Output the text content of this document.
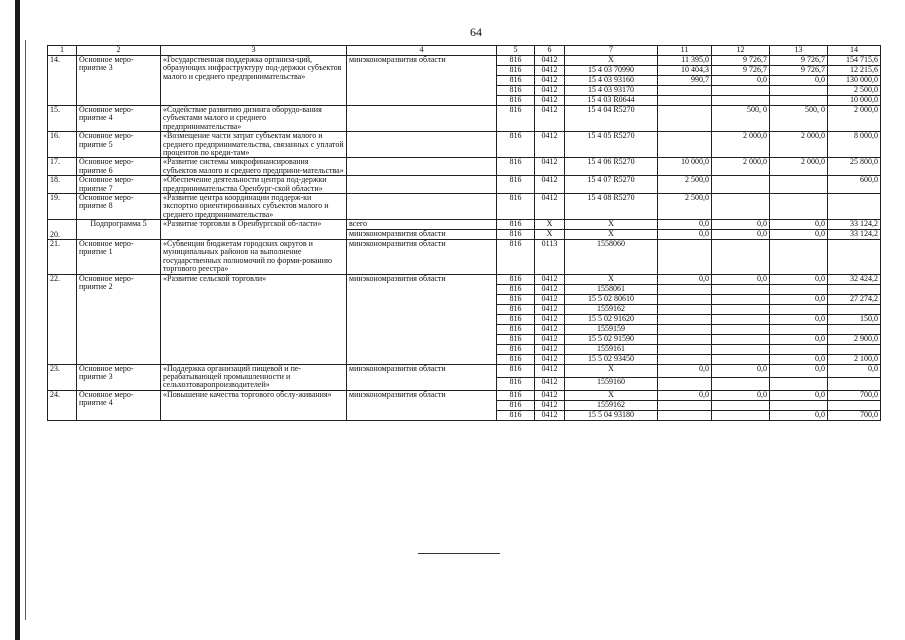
64
1	2	3	4	5	6	7	11	12	13	14
14.	Основное меро-приятие 3	«Государственная поддержка организа-ций, образующих инфраструктуру под-держки субъектов малого и среднего предпринимательства»	минэкономразвития области	816	0412	X	11 395,0	9 726,7	9 726,7	154 715,6
				816	0412	15 4 03 70990	10 404,3	9 726,7	9 726,7	12 215,6
				816	0412	15 4 03 93160	990,7	0,0	0,0	130 000,0
				816	0412	15 4 03 93170				2 500,0
				816	0412	15 4 03 R0644				10 000,0
15.	Основное меро-приятие 4	«Содействие развитию дизинга оборудо-вания субъектами малого и среднего предпринимательства»		816	0412	15 4 04 R5270		500, 0	500, 0	2 000,0
16.	Основное меро-приятие 5	«Возмещение части затрат субъектам малого и среднего предпринимательства, связанных с уплатой процентов по креди-там»		816	0412	15 4 05 R5270		2 000,0	2 000,0	8 000,0
17.	Основное меро-приятие 6	«Развитие системы микрофинансирования субъектов малого и среднего предприни-мательства»		816	0412	15 4 06 R5270	10 000,0	2 000,0	2 000,0	25 800,0
18.	Основное меро-приятие 7	«Обеспечение деятельности центра под-держки предпринимательства Оренбург-ской области»		816	0412	15 4 07 R5270	2 500,0			600,0
19.	Основное меро-приятие 8	«Развитие центра координации поддерж-ки экспортно ориентированных субъектов малого и среднего предпринимательства»		816	0412	15 4 08 R5270	2 500,0			
20.	Подпрограмма 5	«Развитие торговли в Оренбургской об-ласти»	всего	816	X	X	0,0	0,0	0,0	33 124,2
			минэкономразвития области	816	X	X	0,0	0,0	0,0	33 124,2
21.	Основное меро-приятие 1	«Субвенции бюджетам городских округов и муниципальных районов на выполнение государственных полномочий по форми-рованию торгового реестра»	минэкономразвития области	816	0113	1558060				
22.	Основное меро-приятие 2	«Развитие сельской торговли»	минэкономразвития области	816	0412	X	0,0	0,0	0,0	32 424,2
				816	0412	1558061				
				816	0412	15 5 02 80610			0,0	27 274,2
				816	0412	1559162				
				816	0412	15 5 02 91620			0,0	150,0
				816	0412	1559159				
				816	0412	15 5 02 91590			0,0	2 900,0
				816	0412	1559161				
				816	0412	15 5 02 93450			0,0	2 100,0
23.	Основное меро-приятие 3	«Поддержка организаций пищевой и пе-рерабатывающей промышленности и сельхозтоваропроизводителей»	минэкономразвития области	816	0412	X	0,0	0,0	0,0	0,0
				816	0412	1559160				
24.	Основное меро-приятие 4	«Повышение качества торгового обслу-живания»	минэкономразвития области	816	0412	X	0,0	0,0	0,0	700,0
				816	0412	1559162				
				816	0412	15 5 04 93180			0,0	700,0
